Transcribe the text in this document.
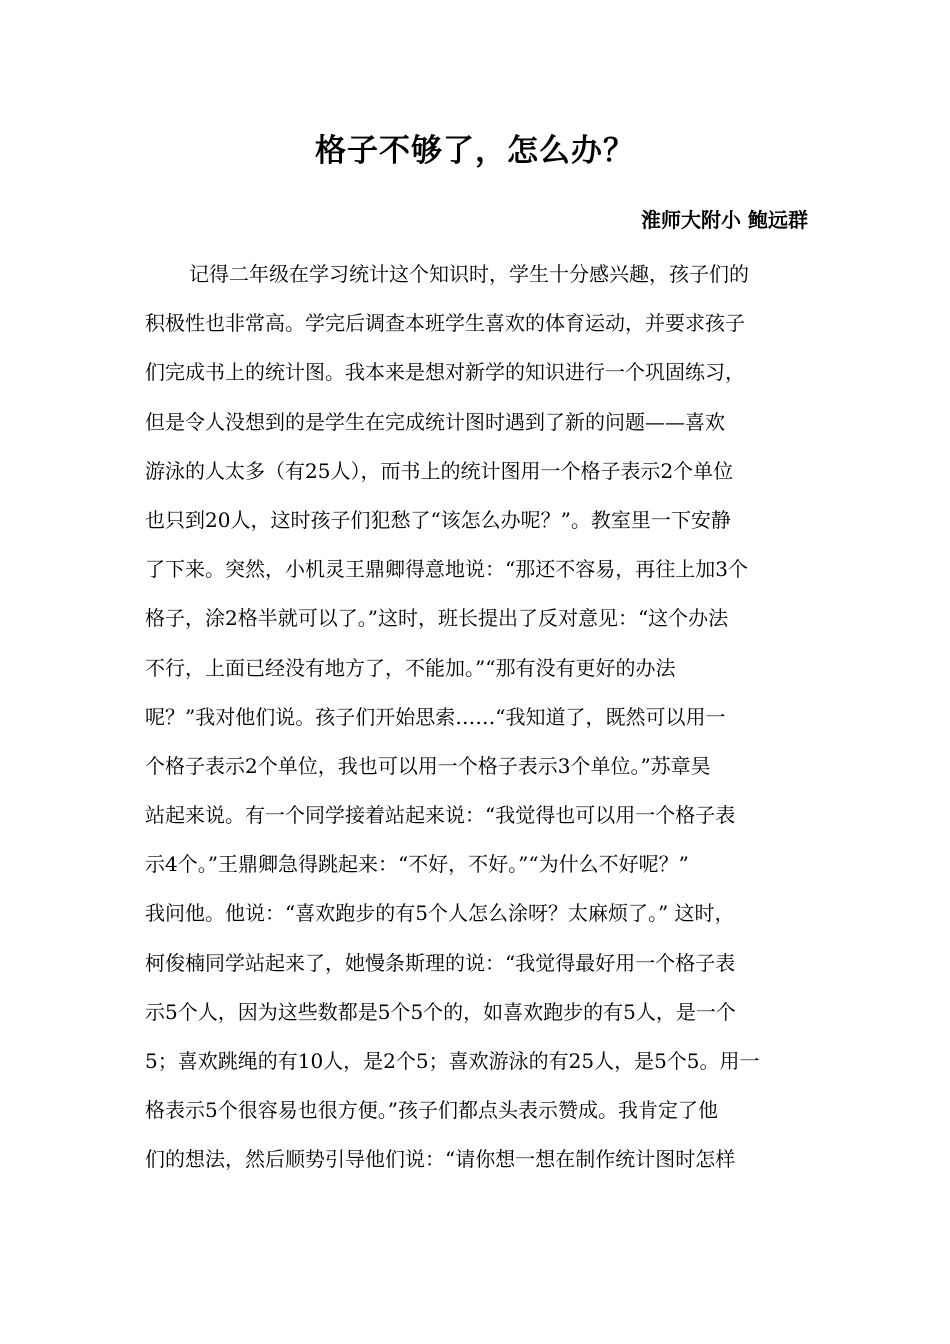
格子不够了，怎么办？
淮师大附小 鲍远群
记得二年级在学习统计这个知识时，学生十分感兴趣，孩子们的
积极性也非常高。学完后调查本班学生喜欢的体育运动，并要求孩子
们完成书上的统计图。我本来是想对新学的知识进行一个巩固练习，
但是令人没想到的是学生在完成统计图时遇到了新的问题——喜欢
游泳的人太多（有25人），而书上的统计图用一个格子表示2个单位
也只到20人，这时孩子们犯愁了“该怎么办呢？”。教室里一下安静
了下来。突然，小机灵王鼎卿得意地说：“那还不容易，再往上加3个
格子，涂2格半就可以了。”这时，班长提出了反对意见：“这个办法
不行，上面已经没有地方了，不能加。”“那有没有更好的办法
呢？”我对他们说。孩子们开始思索……“我知道了，既然可以用一
个格子表示2个单位，我也可以用一个格子表示3个单位。”苏章昊
站起来说。有一个同学接着站起来说：“我觉得也可以用一个格子表
示4个。”王鼎卿急得跳起来：“不好，不好。”“为什么不好呢？”
我问他。他说：“喜欢跑步的有5个人怎么涂呀？太麻烦了。” 这时，
柯俊楠同学站起来了，她慢条斯理的说：“我觉得最好用一个格子表
示5个人，因为这些数都是5个5个的，如喜欢跑步的有5人，是一个
5；喜欢跳绳的有10人，是2个5；喜欢游泳的有25人，是5个5。用一
格表示5个很容易也很方便。”孩子们都点头表示赞成。我肯定了他
们的想法，然后顺势引导他们说：“请你想一想在制作统计图时怎样
